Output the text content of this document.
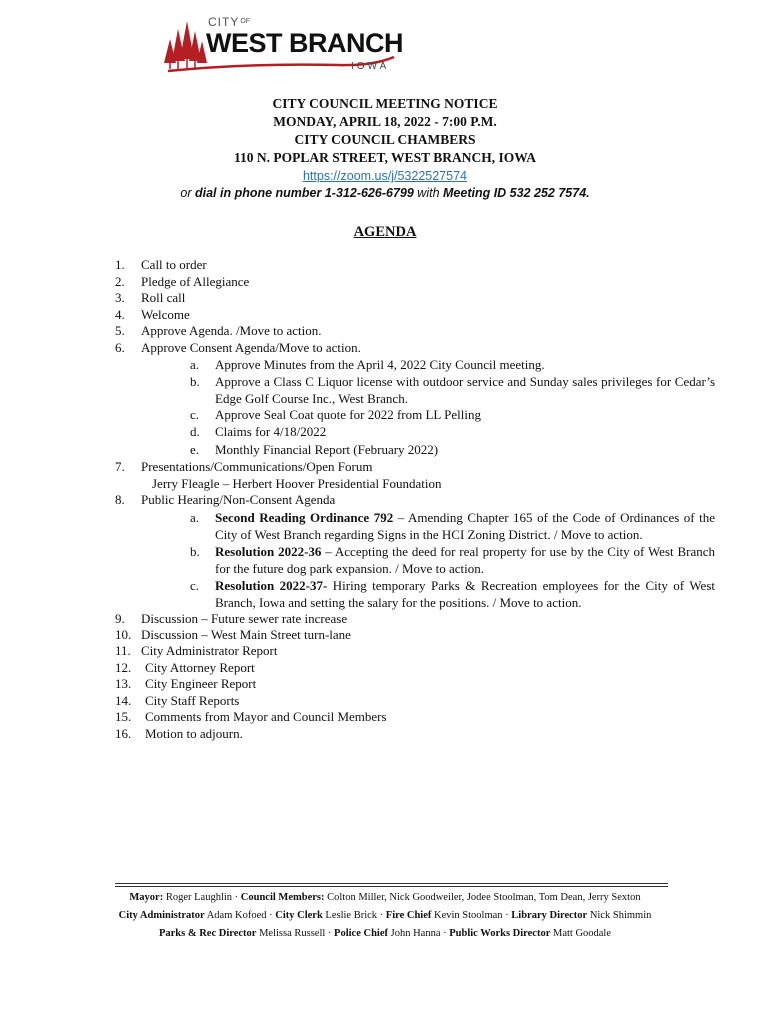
$CITY^{OF}$
WEST BRANCH
IOWA
CITY COUNCIL MEETING NOTICE
MONDAY, APRIL 18, 2022 - 7:00 P.M.
CITY COUNCIL CHAMBERS
110 N. POPLAR STREET, WEST BRANCH, IOWA
https://zoom.us/j/5322527574
or dial in phone number 1-312-626-6799 with Meeting ID 532 252 7574.
AGENDA
1. Call to order
2. Pledge of Allegiance
3. Roll call
4. Welcome
5. Approve Agenda. /Move to action.
6. Approve Consent Agenda/Move to action.
a. Approve Minutes from the April 4, 2022 City Council meeting.
b. Approve a Class C Liquor license with outdoor service and Sunday sales privileges for Cedar’s Edge Golf Course Inc., West Branch.
c. Approve Seal Coat quote for 2022 from LL Pelling
d. Claims for 4/18/2022
e. Monthly Financial Report (February 2022)
7. Presentations/Communications/Open Forum
Jerry Fleagle – Herbert Hoover Presidential Foundation
8. Public Hearing/Non-Consent Agenda
a. Second Reading Ordinance 792 – Amending Chapter 165 of the Code of Ordinances of the City of West Branch regarding Signs in the HCI Zoning District. / Move to action.
b. Resolution 2022-36 – Accepting the deed for real property for use by the City of West Branch for the future dog park expansion. / Move to action.
c. Resolution 2022-37- Hiring temporary Parks & Recreation employees for the City of West Branch, Iowa and setting the salary for the positions. / Move to action.
9. Discussion – Future sewer rate increase
10. Discussion – West Main Street turn-lane
11. City Administrator Report
12. City Attorney Report
13. City Engineer Report
14. City Staff Reports
15. Comments from Mayor and Council Members
16. Motion to adjourn.
Mayor: Roger Laughlin · Council Members: Colton Miller, Nick Goodweiler, Jodee Stoolman, Tom Dean, Jerry Sexton
City Administrator Adam Kofoed · City Clerk Leslie Brick · Fire Chief Kevin Stoolman · Library Director Nick Shimmin
Parks & Rec Director Melissa Russell · Police Chief John Hanna · Public Works Director Matt Goodale
